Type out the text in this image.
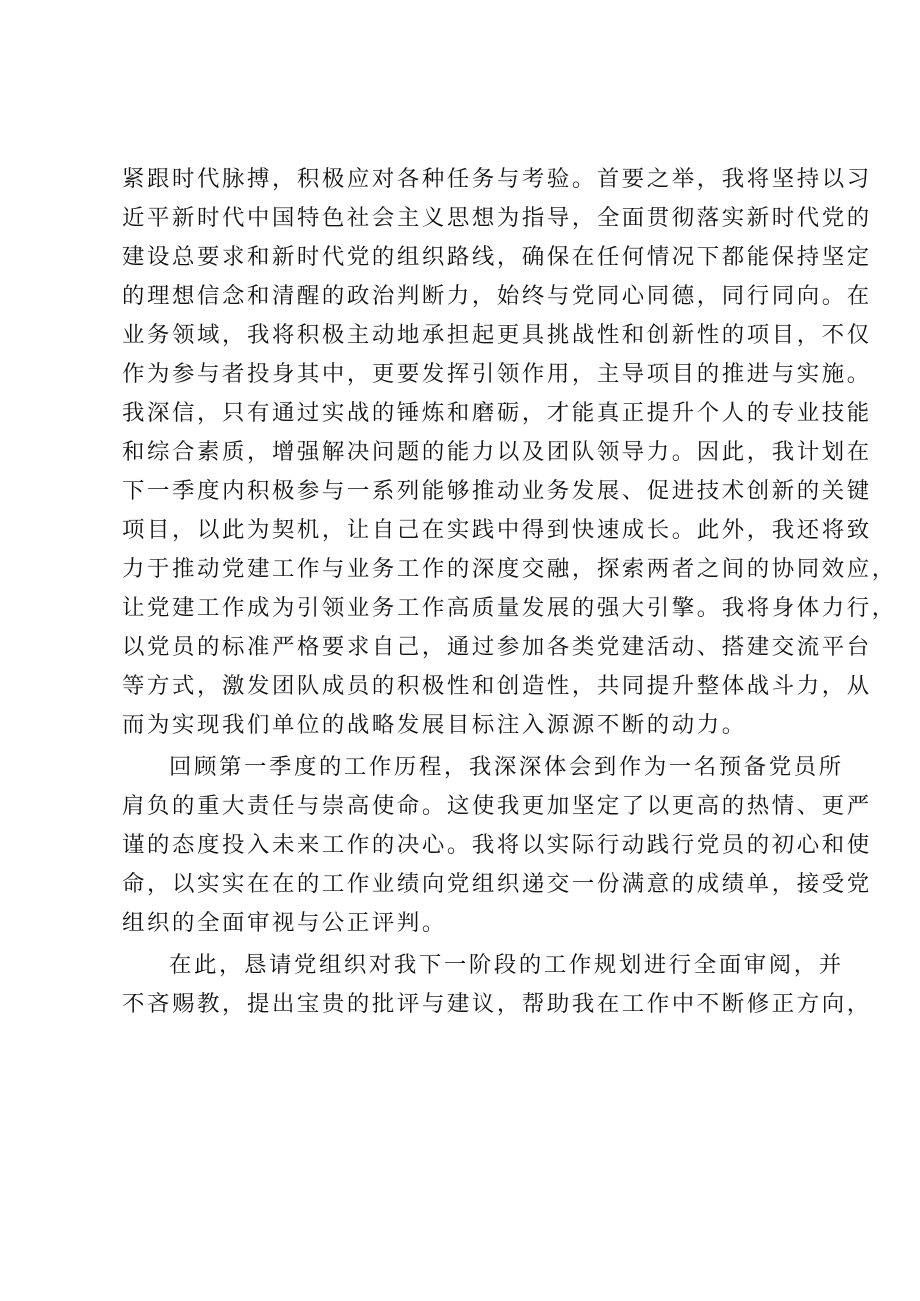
紧跟时代脉搏，积极应对各种任务与考验。首要之举，我将坚持以习
近平新时代中国特色社会主义思想为指导，全面贯彻落实新时代党的
建设总要求和新时代党的组织路线，确保在任何情况下都能保持坚定
的理想信念和清醒的政治判断力，始终与党同心同德，同行同向。在
业务领域，我将积极主动地承担起更具挑战性和创新性的项目，不仅
作为参与者投身其中，更要发挥引领作用，主导项目的推进与实施。
我深信，只有通过实战的锤炼和磨砺，才能真正提升个人的专业技能
和综合素质，增强解决问题的能力以及团队领导力。因此，我计划在
下一季度内积极参与一系列能够推动业务发展、促进技术创新的关键
项目，以此为契机，让自己在实践中得到快速成长。此外，我还将致
力于推动党建工作与业务工作的深度交融，探索两者之间的协同效应，
让党建工作成为引领业务工作高质量发展的强大引擎。我将身体力行，
以党员的标准严格要求自己，通过参加各类党建活动、搭建交流平台
等方式，激发团队成员的积极性和创造性，共同提升整体战斗力，从
而为实现我们单位的战略发展目标注入源源不断的动力。
回顾第一季度的工作历程，我深深体会到作为一名预备党员所
肩负的重大责任与崇高使命。这使我更加坚定了以更高的热情、更严
谨的态度投入未来工作的决心。我将以实际行动践行党员的初心和使
命，以实实在在的工作业绩向党组织递交一份满意的成绩单，接受党
组织的全面审视与公正评判。
在此，恳请党组织对我下一阶段的工作规划进行全面审阅，并
不吝赐教，提出宝贵的批评与建议，帮助我在工作中不断修正方向，
